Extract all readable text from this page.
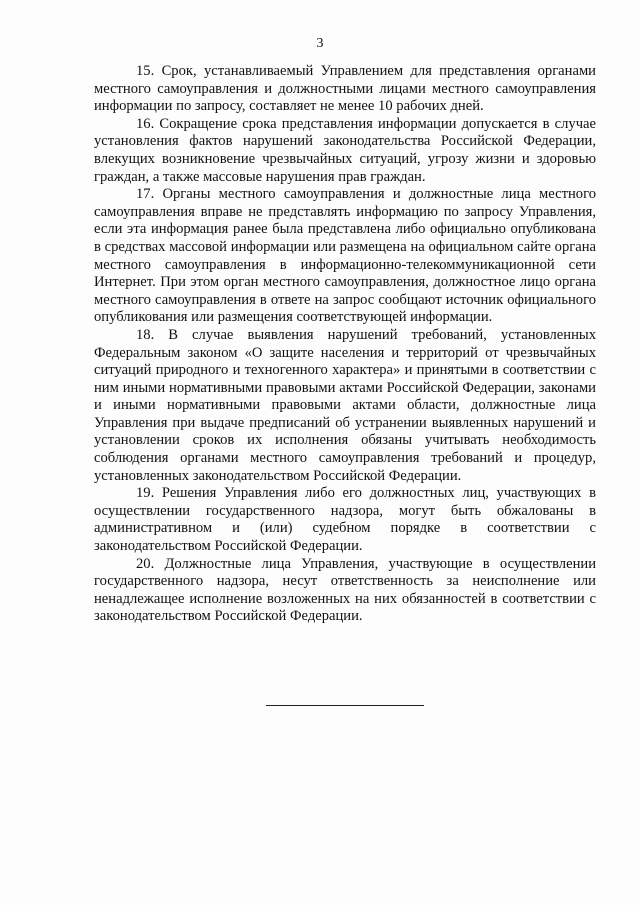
3

15. Срок, устанавливаемый Управлением для представления органами местного самоуправления и должностными лицами местного самоуправления информации по запросу, составляет не менее 10 рабочих дней.

16. Сокращение срока представления информации допускается в случае установления фактов нарушений законодательства Российской Федерации, влекущих возникновение чрезвычайных ситуаций, угрозу жизни и здоровью граждан, а также массовые нарушения прав граждан.

17. Органы местного самоуправления и должностные лица местного самоуправления вправе не представлять информацию по запросу Управления, если эта информация ранее была представлена либо официально опубликована в средствах массовой информации или размещена на официальном сайте органа местного самоуправления в информационно-телекоммуникационной сети Интернет. При этом орган местного самоуправления, должностное лицо органа местного самоуправления в ответе на запрос сообщают источник официального опубликования или размещения соответствующей информации.

18. В случае выявления нарушений требований, установленных Федеральным законом «О защите населения и территорий от чрезвычайных ситуаций природного и техногенного характера» и принятыми в соответствии с ним иными нормативными правовыми актами Российской Федерации, законами и иными нормативными правовыми актами области, должностные лица Управления при выдаче предписаний об устранении выявленных нарушений и установлении сроков их исполнения обязаны учитывать необходимость соблюдения органами местного самоуправления требований и процедур, установленных законодательством Российской Федерации.

19. Решения Управления либо его должностных лиц, участвующих в осуществлении государственного надзора, могут быть обжалованы в административном и (или) судебном порядке в соответствии с законодательством Российской Федерации.

20. Должностные лица Управления, участвующие в осуществлении государственного надзора, несут ответственность за неисполнение или ненадлежащее исполнение возложенных на них обязанностей в соответствии с законодательством Российской Федерации.
